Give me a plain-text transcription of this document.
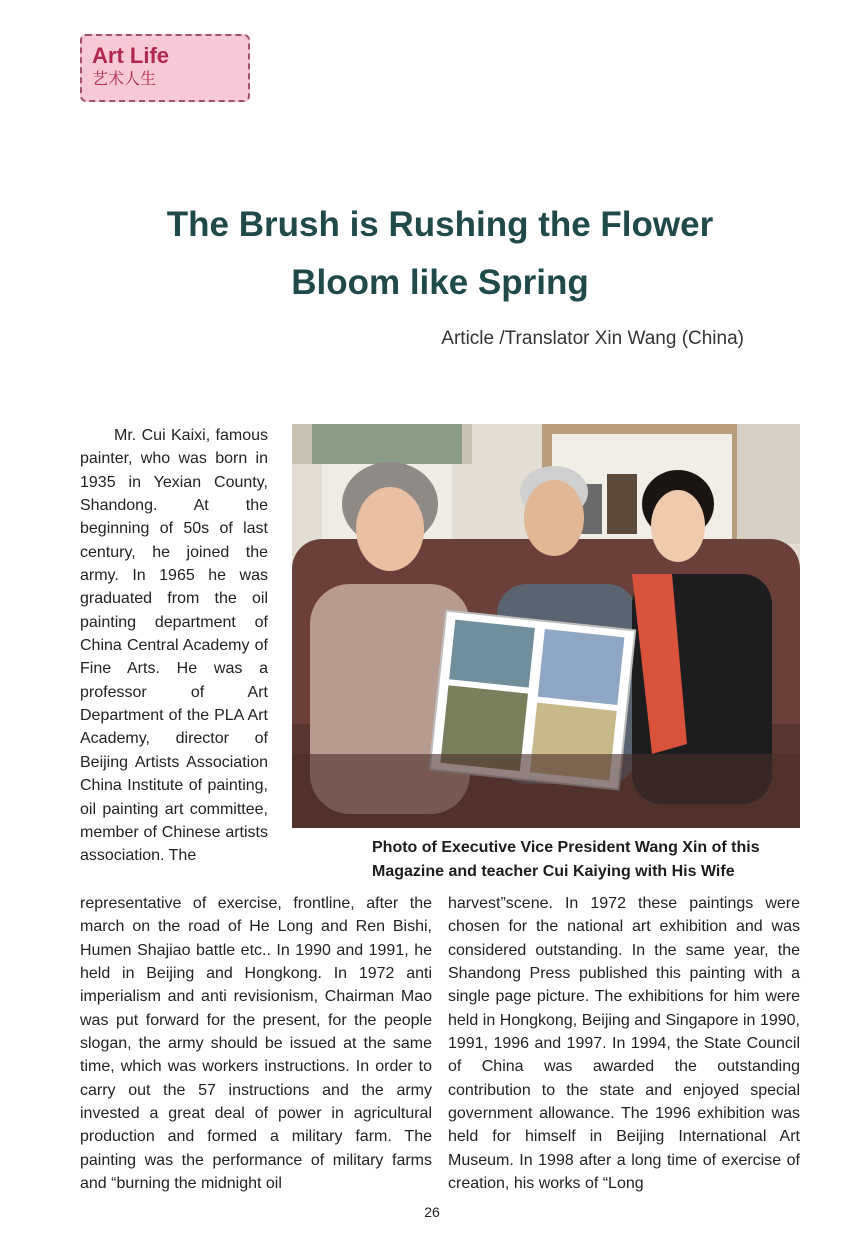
Art Life
艺术人生
The Brush is Rushing the Flower
Bloom like Spring
Article /Translator Xin Wang (China)

Mr. Cui Kaixi, famous painter, who was born in 1935 in Yexian County, Shandong. At the beginning of 50s of last century, he joined the army. In 1965 he was graduated from the oil painting department of China Central Academy of Fine Arts. He was a professor of Art Department of the PLA Art Academy, director of Beijing Artists Association China Institute of painting, oil painting art committee, member of Chinese artists association. The	Photo of Executive Vice President Wang Xin of this
Magazine and teacher Cui Kaiying with His Wife

representative of exercise, frontline, after the march on the road of He Long and Ren Bishi, Humen Shajiao battle etc.. In 1990 and 1991, he held in Beijing and Hongkong. In 1972 anti imperialism and anti revisionism, Chairman Mao was put forward for the present, for the people slogan, the army should be issued at the same time, which was workers instructions. In order to carry out the 57 instructions and the army invested a great deal of power in agricultural production and formed a military farm. The painting was the performance of military farms and “burning the midnight oil

harvest”scene. In 1972 these paintings were chosen for the national art exhibition and was considered outstanding. In the same year, the Shandong Press published this painting with a single page picture. The exhibitions for him were held in Hongkong, Beijing and Singapore in 1990, 1991, 1996 and 1997. In 1994, the State Council of China was awarded the outstanding contribution to the state and enjoyed special government allowance. The 1996 exhibition was held for himself in Beijing International Art Museum. In 1998 after a long time of exercise of creation, his works of “Long

26
